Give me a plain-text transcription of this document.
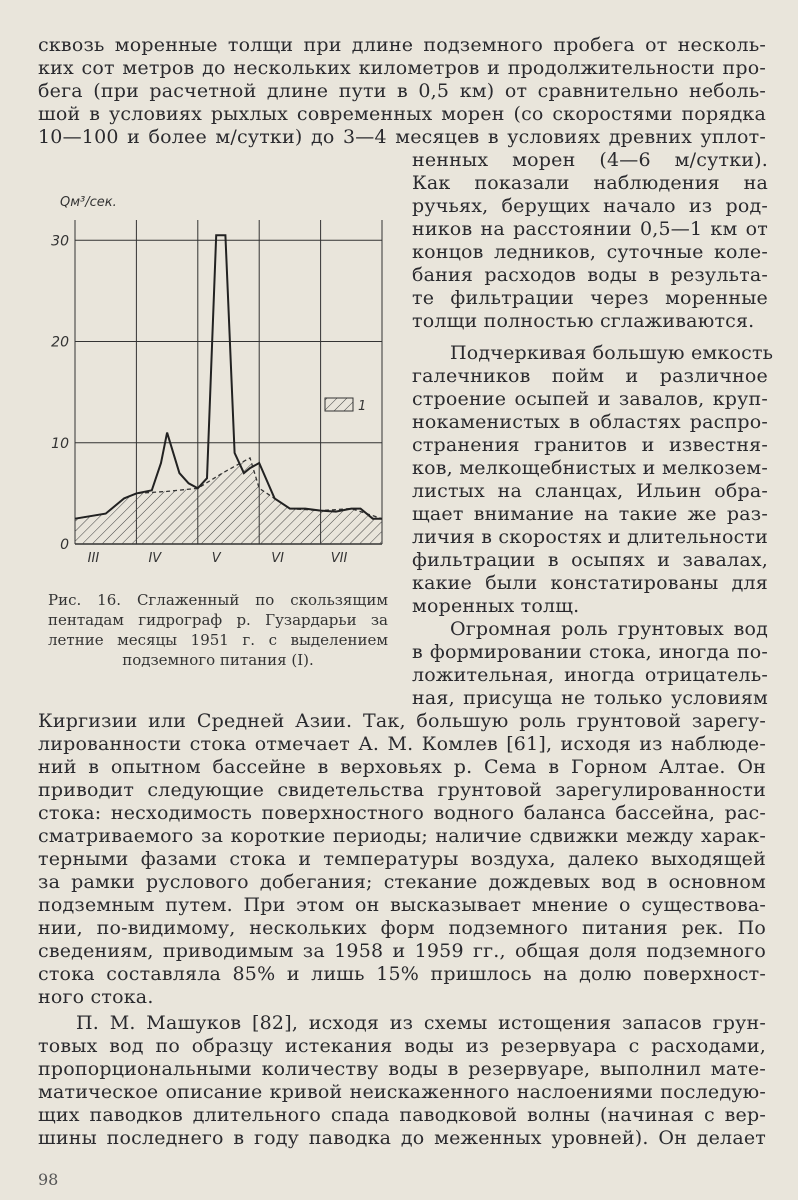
сквозь моренные толщи при длине подземного пробега от несколь-
ких сот метров до нескольких километров и продолжительности про-
бега (при расчетной длине пути в 0,5 км) от сравнительно неболь-
шой в условиях рыхлых современных морен (со скоростями порядка
10—100 и более м/сутки) до 3—4 месяцев в условиях древних уплот-
ненных морен (4—6 м/сутки).
Как показали наблюдения на
ручьях, берущих начало из род-
ников на расстоянии 0,5—1 км от
концов ледников, суточные коле-
бания расходов воды в результа-
те фильтрации через моренные
толщи полностью сглаживаются.
Подчеркивая большую емкость
галечников пойм и различное
строение осыпей и завалов, круп-
нокаменистых в областях распро-
странения гранитов и известня-
ков, мелкощебнистых и мелкозем-
листых на сланцах, Ильин обра-
щает внимание на такие же раз-
личия в скоростях и длительности
фильтрации в осыпях и завалах,
какие были констатированы для
моренных толщ.
Огромная роль грунтовых вод
в формировании стока, иногда по-
ложительная, иногда отрицатель-
ная, присуща не только условиям
Qм³/сек.
0
10
20
30
III	IV	V	VI	VII
1
Рис. 16. Сглаженный по скользящим
пентадам гидрограф р. Гузардарьи за
летние месяцы 1951 г. с выделением
подземного питания (I).
Киргизии или Средней Азии. Так, большую роль грунтовой зарегу-
лированности стока отмечает А. М. Комлев [61], исходя из наблюде-
ний в опытном бассейне в верховьях р. Сема в Горном Алтае. Он
приводит следующие свидетельства грунтовой зарегулированности
стока: несходимость поверхностного водного баланса бассейна, рас-
сматриваемого за короткие периоды; наличие сдвижки между харак-
терными фазами стока и температуры воздуха, далеко выходящей
за рамки руслового добегания; стекание дождевых вод в основном
подземным путем. При этом он высказывает мнение о существова-
нии, по-видимому, нескольких форм подземного питания рек. По
сведениям, приводимым за 1958 и 1959 гг., общая доля подземного
стока составляла 85% и лишь 15% пришлось на долю поверхност-
ного стока.
П. М. Машуков [82], исходя из схемы истощения запасов грун-
товых вод по образцу истекания воды из резервуара с расходами,
пропорциональными количеству воды в резервуаре, выполнил мате-
матическое описание кривой неискаженного наслоениями последую-
щих паводков длительного спада паводковой волны (начиная с вер-
шины последнего в году паводка до меженных уровней). Он делает
98
